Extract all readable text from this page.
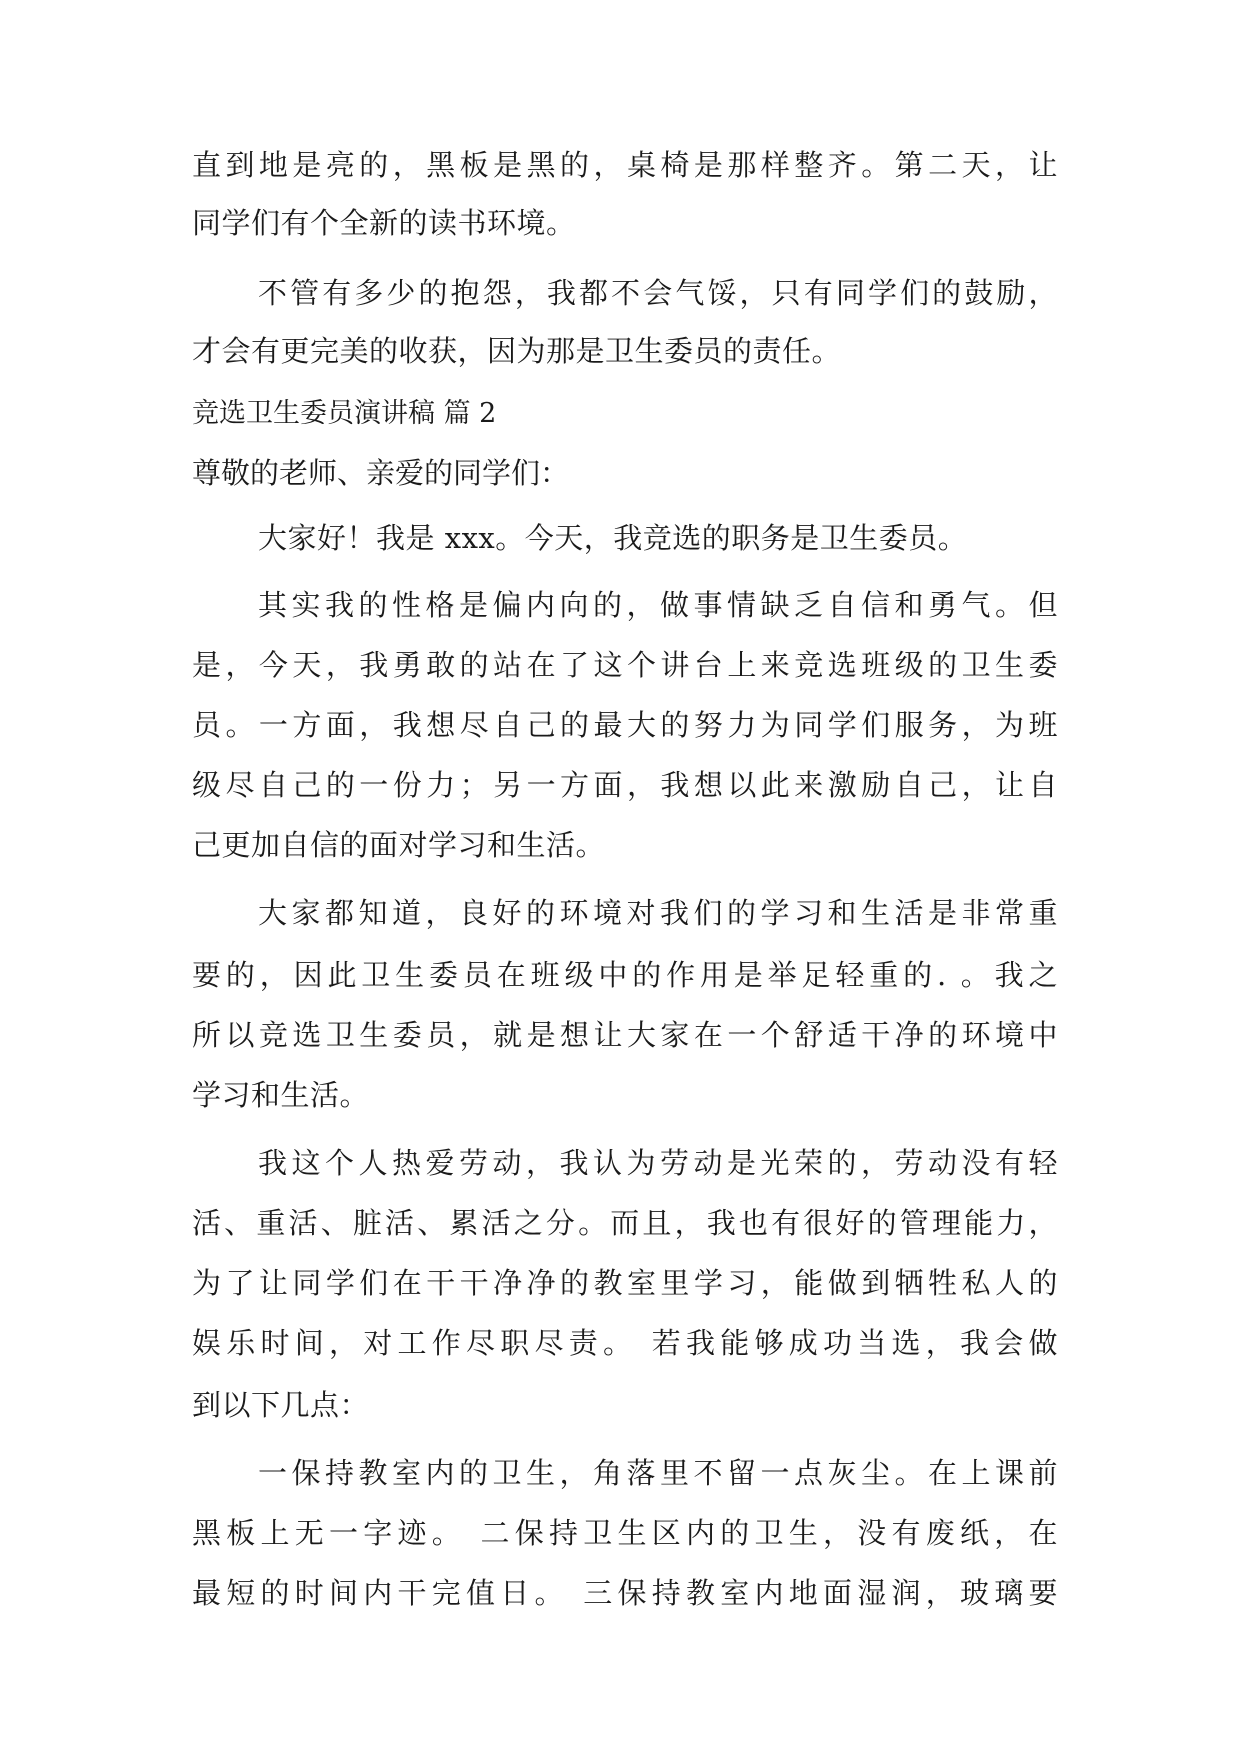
直到地是亮的，黑板是黑的，桌椅是那样整齐。第二天，让
同学们有个全新的读书环境。
不管有多少的抱怨，我都不会气馁，只有同学们的鼓励，
才会有更完美的收获，因为那是卫生委员的责任。
竞选卫生委员演讲稿 篇 2
尊敬的老师、亲爱的同学们：
大家好！我是 xxx。今天，我竞选的职务是卫生委员。
其实我的性格是偏内向的，做事情缺乏自信和勇气。但
是，今天，我勇敢的站在了这个讲台上来竞选班级的卫生委
员。一方面，我想尽自己的最大的努力为同学们服务，为班
级尽自己的一份力；另一方面，我想以此来激励自己，让自
己更加自信的面对学习和生活。
大家都知道，良好的环境对我们的学习和生活是非常重
要的，因此卫生委员在班级中的作用是举足轻重的. 。我之
所以竞选卫生委员，就是想让大家在一个舒适干净的环境中
学习和生活。
我这个人热爱劳动，我认为劳动是光荣的，劳动没有轻
活、重活、脏活、累活之分。而且，我也有很好的管理能力，
为了让同学们在干干净净的教室里学习，能做到牺牲私人的
娱乐时间，对工作尽职尽责。 若我能够成功当选，我会做
到以下几点：
一保持教室内的卫生，角落里不留一点灰尘。在上课前
黑板上无一字迹。 二保持卫生区内的卫生，没有废纸，在
最短的时间内干完值日。 三保持教室内地面湿润，玻璃要
